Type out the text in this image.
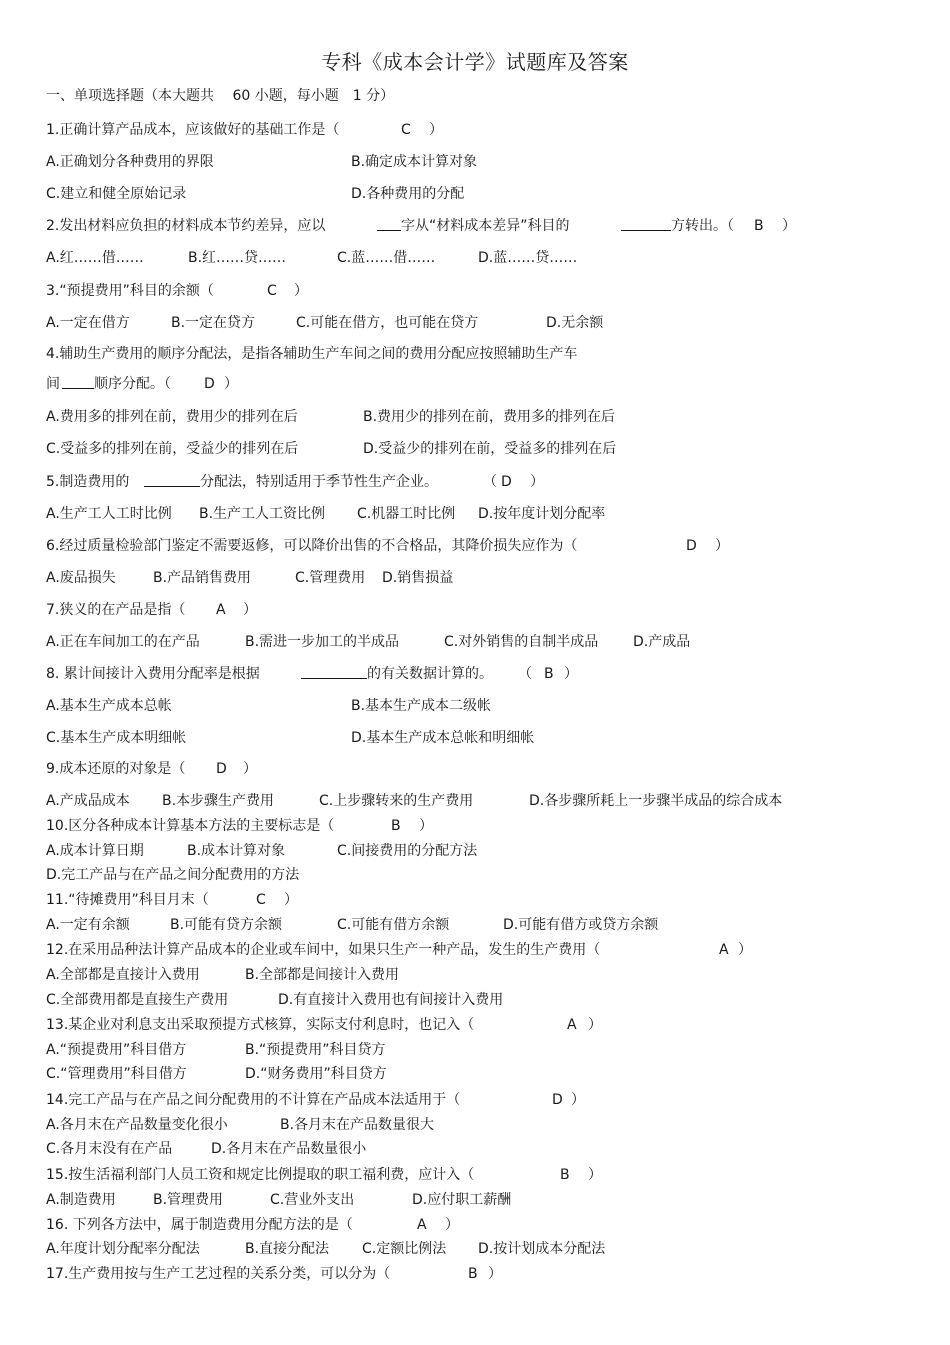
专科《成本会计学》试题库及答案
一、单项选择题（本大题共　 60 小题，每小题　1 分）
1.正确计算产品成本，应该做好的基础工作是（	C ）
A.正确划分各种费用的界限	B.确定成本计算对象
C.建立和健全原始记录	D.各种费用的分配
2.发出材料应负担的材料成本节约差异，应以	字从“材料成本差异”科目的	方转出。（ B ）
A.红……借……	B.红……贷……	C.蓝……借……	D.蓝……贷……
3.“预提费用”科目的余额（	C ）
A.一定在借方	B.一定在贷方	C.可能在借方，也可能在贷方	D.无余额
4.辅助生产费用的顺序分配法，是指各辅助生产车间之间的费用分配应按照辅助生产车
间 顺序分配。（ D ）
A.费用多的排列在前，费用少的排列在后	B.费用少的排列在前，费用多的排列在后
C.受益多的排列在前，受益少的排列在后	D.受益少的排列在前，受益多的排列在后
5.制造费用的	分配法，特别适用于季节性生产企业。	（ D ）
A.生产工人工时比例 B.生产工人工资比例 C.机器工时比例 D.按年度计划分配率
6.经过质量检验部门鉴定不需要返修，可以降价出售的不合格品，其降价损失应作为（	D ）
A.废品损失	B.产品销售费用	C.管理费用 D.销售损益
7.狭义的在产品是指（ A ）
A.正在车间加工的在产品	B.需进一步加工的半成品	C.对外销售的自制半成品 D.产成品
8. 累计间接计入费用分配率是根据	的有关数据计算的。 （ B ）
A.基本生产成本总帐	B.基本生产成本二级帐
C.基本生产成本明细帐	D.基本生产成本总帐和明细帐
9.成本还原的对象是（ D ）
A.产成品成本 B.本步骤生产费用	C.上步骤转来的生产费用	D.各步骤所耗上一步骤半成品的综合成本
10.区分各种成本计算基本方法的主要标志是（	B ）
A.成本计算日期	B.成本计算对象	C.间接费用的分配方法
D.完工产品与在产品之间分配费用的方法
11.“待摊费用”科目月末（	C ）
A.一定有余额	B.可能有贷方余额	C.可能有借方余额	D.可能有借方或贷方余额
12.在采用品种法计算产品成本的企业或车间中，如果只生产一种产品，发生的生产费用（	A ）
A.全部都是直接计入费用	B.全部都是间接计入费用
C.全部费用都是直接生产费用	D.有直接计入费用也有间接计入费用
13.某企业对利息支出采取预提方式核算，实际支付利息时，也记入（	A ）
A.“预提费用”科目借方	B.“预提费用”科目贷方
C.“管理费用”科目借方	D.“财务费用”科目贷方
14.完工产品与在产品之间分配费用的不计算在产品成本法适用于（	D ）
A.各月末在产品数量变化很小	B.各月末在产品数量很大
C.各月末没有在产品	D.各月末在产品数量很小
15.按生活福利部门人员工资和规定比例提取的职工福利费，应计入（	B ）
A.制造费用	B.管理费用	C.营业外支出	D.应付职工薪酬
16. 下列各方法中，属于制造费用分配方法的是（	A ）
A.年度计划分配率分配法	B.直接分配法 C.定额比例法 D.按计划成本分配法
17.生产费用按与生产工艺过程的关系分类，可以分为（	B ）
